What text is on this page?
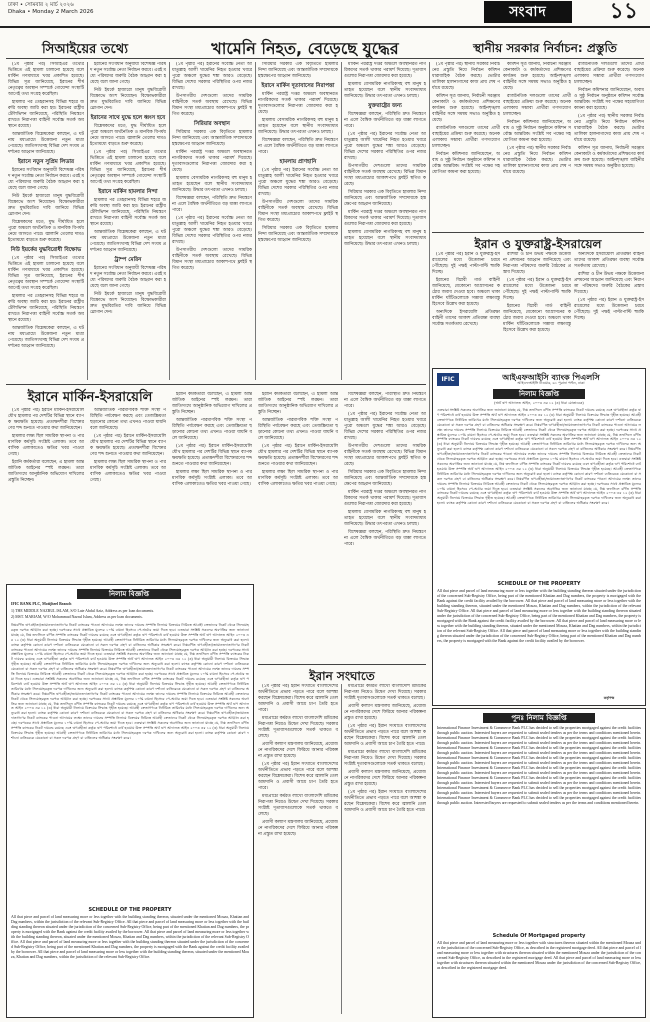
ঢাকা • সোমবার ২ মার্চ ২০২৬
Dhaka • Monday 2 March 2026	সংবাদ	১১
সিআইয়ের তথ্যে	খামেনি নিহত, বেড়েছে যুদ্ধের	স্থানীয় সরকার নির্বাচন: প্রস্তুতি

(১ম পৃষ্ঠার পর) সিআইএর তথ্যের ভিত্তিতে এই হামলা চালানো হয়েছে বলে মার্কিন গণমাধ্যমে খবর প্রকাশিত হয়েছে। বিভিন্ন সূত্র জানিয়েছে, ইরানের শীর্ষ নেতৃত্বের অবস্থান সম্পর্কে গোয়েন্দা সংস্থাটি আগেই তথ্য সংগ্রহ করেছিল।

হামলার পর তেহরানসহ বিভিন্ন শহরে জরুরি অবস্থা জারি করা হয়। ইরানের রাষ্ট্রীয় টেলিভিশন জানিয়েছে, পরিস্থিতি নিয়ন্ত্রণে রাখতে নিরাপত্তা বাহিনী সর্বোচ্চ সতর্ক অবস্থানে রয়েছে।

আন্তর্জাতিক বিশ্লেষকেরা বলছেন, এ ঘটনায় মধ্যপ্রাচ্যে উত্তেজনা নতুন মাত্রা পেয়েছে। জাতিসংঘসহ বিভিন্ন দেশ সংযম প্রদর্শনের আহ্বান জানিয়েছে।

ইরানে নতুন সুপ্রিম লিডার

ইরানের সংবিধান অনুযায়ী বিশেষজ্ঞ পরিষদ নতুন সর্বোচ্চ নেতা নির্বাচন করবে। এরই মধ্যে পরিষদের জরুরি বৈঠক আহ্বান করা হয়েছে বলে জানা গেছে।

নিউ ইয়র্কে হাজারো মানুষ যুদ্ধবিরোধী বিক্ষোভে অংশ নিয়েছেন। বিক্ষোভকারীরা দ্রুত যুদ্ধবিরতির দাবি জানিয়ে বিভিন্ন স্লোগান দেন।

বিশ্লেষকদের মতে, যুদ্ধ দীর্ঘায়িত হলে পুরো অঞ্চলে অর্থনৈতিক ও মানবিক বিপর্যয় নেমে আসতে পারে। জ্বালানি তেলের দামও ইতোমধ্যে বাড়তে শুরু করেছে।

নিউ ইয়র্কের যুদ্ধবিরোধী বিক্ষোভ

(১ম পৃষ্ঠার পর) সিআইএর তথ্যের ভিত্তিতে এই হামলা চালানো হয়েছে বলে মার্কিন গণমাধ্যমে খবর প্রকাশিত হয়েছে। বিভিন্ন সূত্র জানিয়েছে, ইরানের শীর্ষ নেতৃত্বের অবস্থান সম্পর্কে গোয়েন্দা সংস্থাটি আগেই তথ্য সংগ্রহ করেছিল।

হামলার পর তেহরানসহ বিভিন্ন শহরে জরুরি অবস্থা জারি করা হয়। ইরানের রাষ্ট্রীয় টেলিভিশন জানিয়েছে, পরিস্থিতি নিয়ন্ত্রণে রাখতে নিরাপত্তা বাহিনী সর্বোচ্চ সতর্ক অবস্থানে রয়েছে।

আন্তর্জাতিক বিশ্লেষকেরা বলছেন, এ ঘটনায় মধ্যপ্রাচ্যে উত্তেজনা নতুন মাত্রা পেয়েছে। জাতিসংঘসহ বিভিন্ন দেশ সংযম প্রদর্শনের আহ্বান জানিয়েছে।

ইরানের সংবিধান অনুযায়ী বিশেষজ্ঞ পরিষদ নতুন সর্বোচ্চ নেতা নির্বাচন করবে। এরই মধ্যে পরিষদের জরুরি বৈঠক আহ্বান করা হয়েছে বলে জানা গেছে।

নিউ ইয়র্কে হাজারো মানুষ যুদ্ধবিরোধী বিক্ষোভে অংশ নিয়েছেন। বিক্ষোভকারীরা দ্রুত যুদ্ধবিরতির দাবি জানিয়ে বিভিন্ন স্লোগান দেন।

ইরানের সাথে যুদ্ধে হলে ধ্বংস হবে

বিশ্লেষকদের মতে, যুদ্ধ দীর্ঘায়িত হলে পুরো অঞ্চলে অর্থনৈতিক ও মানবিক বিপর্যয় নেমে আসতে পারে। জ্বালানি তেলের দামও ইতোমধ্যে বাড়তে শুরু করেছে।

(১ম পৃষ্ঠার পর) সিআইএর তথ্যের ভিত্তিতে এই হামলা চালানো হয়েছে বলে মার্কিন গণমাধ্যমে খবর প্রকাশিত হয়েছে। বিভিন্ন সূত্র জানিয়েছে, ইরানের শীর্ষ নেতৃত্বের অবস্থান সম্পর্কে গোয়েন্দা সংস্থাটি আগেই তথ্য সংগ্রহ করেছিল।

ইরানে মার্কিন হামলার নিন্দা

হামলার পর তেহরানসহ বিভিন্ন শহরে জরুরি অবস্থা জারি করা হয়। ইরানের রাষ্ট্রীয় টেলিভিশন জানিয়েছে, পরিস্থিতি নিয়ন্ত্রণে রাখতে নিরাপত্তা বাহিনী সর্বোচ্চ সতর্ক অবস্থানে রয়েছে।

আন্তর্জাতিক বিশ্লেষকেরা বলছেন, এ ঘটনায় মধ্যপ্রাচ্যে উত্তেজনা নতুন মাত্রা পেয়েছে। জাতিসংঘসহ বিভিন্ন দেশ সংযম প্রদর্শনের আহ্বান জানিয়েছে।

ট্রাম্প মেরিন

ইরানের সংবিধান অনুযায়ী বিশেষজ্ঞ পরিষদ নতুন সর্বোচ্চ নেতা নির্বাচন করবে। এরই মধ্যে পরিষদের জরুরি বৈঠক আহ্বান করা হয়েছে বলে জানা গেছে।

নিউ ইয়র্কে হাজারো মানুষ যুদ্ধবিরোধী বিক্ষোভে অংশ নিয়েছেন। বিক্ষোভকারীরা দ্রুত যুদ্ধবিরতির দাবি জানিয়ে বিভিন্ন স্লোগান দেন।

(১ম পৃষ্ঠার পর) ইরানের সর্বোচ্চ নেতা আয়াতুল্লাহ আলী খামেনির নিহত হওয়ার খবরে পুরো অঞ্চলে যুদ্ধের শঙ্কা আরও বেড়েছে। বিভিন্ন দেশের সরকার পরিস্থিতির ওপর নজর রাখছে।

উপসাগরীয় দেশগুলো তাদের সামরিক বাহিনীকে সতর্ক অবস্থায় রেখেছে। বিভিন্ন বিমান সংস্থা মধ্যপ্রাচ্যের আকাশপথে ফ্লাইট স্থগিত করেছে।

সিরিয়ার অবস্থান

সিরিয়ার সরকার এক বিবৃতিতে হামলার নিন্দা জানিয়েছে এবং আন্তর্জাতিক সম্প্রদায়কে হস্তক্ষেপের আহ্বান জানিয়েছে।

মার্কিন পররাষ্ট্র দপ্তর অঞ্চলে অবস্থানরত নাগরিকদের সতর্ক থাকার পরামর্শ দিয়েছে। দূতাবাসগুলোর নিরাপত্তা জোরদার করা হয়েছে।

হামলায় বেসামরিক নাগরিকসহ বহু মানুষ হতাহত হয়েছেন বলে স্থানীয় সংবাদমাধ্যম জানিয়েছে। উদ্ধার তৎপরতা এখনও চলছে।

বিশেষজ্ঞরা বলছেন, পরিস্থিতি দ্রুত নিয়ন্ত্রণে না এলে বৈশ্বিক অর্থনীতিতে বড় ধাক্কা লাগতে পারে।

(১ম পৃষ্ঠার পর) ইরানের সর্বোচ্চ নেতা আয়াতুল্লাহ আলী খামেনির নিহত হওয়ার খবরে পুরো অঞ্চলে যুদ্ধের শঙ্কা আরও বেড়েছে। বিভিন্ন দেশের সরকার পরিস্থিতির ওপর নজর রাখছে।

উপসাগরীয় দেশগুলো তাদের সামরিক বাহিনীকে সতর্ক অবস্থায় রেখেছে। বিভিন্ন বিমান সংস্থা মধ্যপ্রাচ্যের আকাশপথে ফ্লাইট স্থগিত করেছে।

সিরিয়ার সরকার এক বিবৃতিতে হামলার নিন্দা জানিয়েছে এবং আন্তর্জাতিক সম্প্রদায়কে হস্তক্ষেপের আহ্বান জানিয়েছে।

ইরানে মার্কিন দূতাবাসের নিরাপত্তা

মার্কিন পররাষ্ট্র দপ্তর অঞ্চলে অবস্থানরত নাগরিকদের সতর্ক থাকার পরামর্শ দিয়েছে। দূতাবাসগুলোর নিরাপত্তা জোরদার করা হয়েছে।

হামলায় বেসামরিক নাগরিকসহ বহু মানুষ হতাহত হয়েছেন বলে স্থানীয় সংবাদমাধ্যম জানিয়েছে। উদ্ধার তৎপরতা এখনও চলছে।

বিশেষজ্ঞরা বলছেন, পরিস্থিতি দ্রুত নিয়ন্ত্রণে না এলে বৈশ্বিক অর্থনীতিতে বড় ধাক্কা লাগতে পারে।

হামলায় প্রাণহানি

(১ম পৃষ্ঠার পর) ইরানের সর্বোচ্চ নেতা আয়াতুল্লাহ আলী খামেনির নিহত হওয়ার খবরে পুরো অঞ্চলে যুদ্ধের শঙ্কা আরও বেড়েছে। বিভিন্ন দেশের সরকার পরিস্থিতির ওপর নজর রাখছে।

উপসাগরীয় দেশগুলো তাদের সামরিক বাহিনীকে সতর্ক অবস্থায় রেখেছে। বিভিন্ন বিমান সংস্থা মধ্যপ্রাচ্যের আকাশপথে ফ্লাইট স্থগিত করেছে।

সিরিয়ার সরকার এক বিবৃতিতে হামলার নিন্দা জানিয়েছে এবং আন্তর্জাতিক সম্প্রদায়কে হস্তক্ষেপের আহ্বান জানিয়েছে।

মার্কিন পররাষ্ট্র দপ্তর অঞ্চলে অবস্থানরত নাগরিকদের সতর্ক থাকার পরামর্শ দিয়েছে। দূতাবাসগুলোর নিরাপত্তা জোরদার করা হয়েছে।

হামলায় বেসামরিক নাগরিকসহ বহু মানুষ হতাহত হয়েছেন বলে স্থানীয় সংবাদমাধ্যম জানিয়েছে। উদ্ধার তৎপরতা এখনও চলছে।

যুক্তরাষ্ট্রের জন্য

বিশেষজ্ঞরা বলছেন, পরিস্থিতি দ্রুত নিয়ন্ত্রণে না এলে বৈশ্বিক অর্থনীতিতে বড় ধাক্কা লাগতে পারে।

(১ম পৃষ্ঠার পর) ইরানের সর্বোচ্চ নেতা আয়াতুল্লাহ আলী খামেনির নিহত হওয়ার খবরে পুরো অঞ্চলে যুদ্ধের শঙ্কা আরও বেড়েছে। বিভিন্ন দেশের সরকার পরিস্থিতির ওপর নজর রাখছে।

উপসাগরীয় দেশগুলো তাদের সামরিক বাহিনীকে সতর্ক অবস্থায় রেখেছে। বিভিন্ন বিমান সংস্থা মধ্যপ্রাচ্যের আকাশপথে ফ্লাইট স্থগিত করেছে।

সিরিয়ার সরকার এক বিবৃতিতে হামলার নিন্দা জানিয়েছে এবং আন্তর্জাতিক সম্প্রদায়কে হস্তক্ষেপের আহ্বান জানিয়েছে।

মার্কিন পররাষ্ট্র দপ্তর অঞ্চলে অবস্থানরত নাগরিকদের সতর্ক থাকার পরামর্শ দিয়েছে। দূতাবাসগুলোর নিরাপত্তা জোরদার করা হয়েছে।

হামলায় বেসামরিক নাগরিকসহ বহু মানুষ হতাহত হয়েছেন বলে স্থানীয় সংবাদমাধ্যম জানিয়েছে। উদ্ধার তৎপরতা এখনও চলছে।

(১ম পৃষ্ঠার পর) স্থানীয় সরকার নির্বাচনের প্রস্তুতি নিয়ে নির্বাচন কমিশন ধারাবাহিক বৈঠক করছে। ভোটার তালিকা হালনাগাদের কাজ প্রায় শেষ পর্যায়ে রয়েছে।

কমিশন সূত্র জানায়, নির্বাচনী সরঞ্জাম কেনাকাটা ও কর্মকর্তাদের প্রশিক্ষণের কার্যক্রম শুরু হয়েছে। আইনশৃঙ্খলা বাহিনীর সঙ্গে সমন্বয় সভাও অনুষ্ঠিত হয়েছে।

রাজনৈতিক দলগুলো তাদের প্রার্থী বাছাইয়ের প্রক্রিয়া শুরু করেছে। অনেক এলাকায় সম্ভাব্য প্রার্থীরা গণসংযোগ চালাচ্ছেন।

নির্বাচন কমিশনার জানিয়েছেন, অবাধ ও সুষ্ঠু নির্বাচন অনুষ্ঠানে কমিশন সর্বোচ্চ আন্তরিক। সংশ্লিষ্ট সব পক্ষের সহযোগিতা কামনা করা হয়েছে।

কমিশন সূত্র জানায়, নির্বাচনী সরঞ্জাম কেনাকাটা ও কর্মকর্তাদের প্রশিক্ষণের কার্যক্রম শুরু হয়েছে। আইনশৃঙ্খলা বাহিনীর সঙ্গে সমন্বয় সভাও অনুষ্ঠিত হয়েছে।

রাজনৈতিক দলগুলো তাদের প্রার্থী বাছাইয়ের প্রক্রিয়া শুরু করেছে। অনেক এলাকায় সম্ভাব্য প্রার্থীরা গণসংযোগ চালাচ্ছেন।

নির্বাচন কমিশনার জানিয়েছেন, অবাধ ও সুষ্ঠু নির্বাচন অনুষ্ঠানে কমিশন সর্বোচ্চ আন্তরিক। সংশ্লিষ্ট সব পক্ষের সহযোগিতা কামনা করা হয়েছে।

(১ম পৃষ্ঠার পর) স্থানীয় সরকার নির্বাচনের প্রস্তুতি নিয়ে নির্বাচন কমিশন ধারাবাহিক বৈঠক করছে। ভোটার তালিকা হালনাগাদের কাজ প্রায় শেষ পর্যায়ে রয়েছে।

রাজনৈতিক দলগুলো তাদের প্রার্থী বাছাইয়ের প্রক্রিয়া শুরু করেছে। অনেক এলাকায় সম্ভাব্য প্রার্থীরা গণসংযোগ চালাচ্ছেন।

নির্বাচন কমিশনার জানিয়েছেন, অবাধ ও সুষ্ঠু নির্বাচন অনুষ্ঠানে কমিশন সর্বোচ্চ আন্তরিক। সংশ্লিষ্ট সব পক্ষের সহযোগিতা কামনা করা হয়েছে।

(১ম পৃষ্ঠার পর) স্থানীয় সরকার নির্বাচনের প্রস্তুতি নিয়ে নির্বাচন কমিশন ধারাবাহিক বৈঠক করছে। ভোটার তালিকা হালনাগাদের কাজ প্রায় শেষ পর্যায়ে রয়েছে।

কমিশন সূত্র জানায়, নির্বাচনী সরঞ্জাম কেনাকাটা ও কর্মকর্তাদের প্রশিক্ষণের কার্যক্রম শুরু হয়েছে। আইনশৃঙ্খলা বাহিনীর সঙ্গে সমন্বয় সভাও অনুষ্ঠিত হয়েছে।

ইরান ও যুক্তরাষ্ট্র-ইসরায়েল

(১ম পৃষ্ঠার পর) ইরান ও যুক্তরাষ্ট্র-ইসরায়েলের মধ্যে উত্তেজনা চরমে পৌঁছেছে। দুই পক্ষই পাল্টাপাল্টি হুমকি দিচ্ছে।

ইরানের বিপ্লবী গার্ড বাহিনী জানিয়েছে, যেকোনো আগ্রাসনের কঠোর জবাব দেওয়া হবে। অঞ্চলে থাকা মার্কিন ঘাঁটিগুলোকে সম্ভাব্য লক্ষ্যবস্তু হিসেবে উল্লেখ করা হয়েছে।

অন্যদিকে ইসরায়েলি প্রতিরক্ষা বাহিনী তাদের আকাশ প্রতিরক্ষা ব্যবস্থা সর্বোচ্চ সতর্কতায় রেখেছে।

রাশিয়া ও চীন উভয় পক্ষকে উত্তেজনা প্রশমনের আহ্বান জানিয়েছে এবং নিরাপত্তা পরিষদের জরুরি বৈঠকের প্রস্তাব দিয়েছে।

(১ম পৃষ্ঠার পর) ইরান ও যুক্তরাষ্ট্র-ইসরায়েলের মধ্যে উত্তেজনা চরমে পৌঁছেছে। দুই পক্ষই পাল্টাপাল্টি হুমকি দিচ্ছে।

ইরানের বিপ্লবী গার্ড বাহিনী জানিয়েছে, যেকোনো আগ্রাসনের কঠোর জবাব দেওয়া হবে। অঞ্চলে থাকা মার্কিন ঘাঁটিগুলোকে সম্ভাব্য লক্ষ্যবস্তু হিসেবে উল্লেখ করা হয়েছে।

অন্যদিকে ইসরায়েলি প্রতিরক্ষা বাহিনী তাদের আকাশ প্রতিরক্ষা ব্যবস্থা সর্বোচ্চ সতর্কতায় রেখেছে।

রাশিয়া ও চীন উভয় পক্ষকে উত্তেজনা প্রশমনের আহ্বান জানিয়েছে এবং নিরাপত্তা পরিষদের জরুরি বৈঠকের প্রস্তাব দিয়েছে।

(১ম পৃষ্ঠার পর) ইরান ও যুক্তরাষ্ট্র-ইসরায়েলের মধ্যে উত্তেজনা চরমে পৌঁছেছে। দুই পক্ষই পাল্টাপাল্টি হুমকি দিচ্ছে।

IFIC	আইএফআইসি ব্যাংক পিএলসি
আইএফআইসি টাওয়ার, ৬১ পুরানা পল্টন, ঢাকা
নিলাম বিজ্ঞপ্তি
(অর্থ ঋণ আদালত আইন, ২০০৩ এর ১২ (৩) ধারা মোতাবেক)
এতদ্বারা সংশ্লিষ্ট সকলের অবগতির জন্য জানানো যাচ্ছে যে, নিম্ন তফসিলে বর্ণিত সম্পত্তি ব্যাংকের নিকট দায়বদ্ধ রয়েছে এবং ঋণগ্রহীতা কর্তৃক ঋণ পরিশোধে ব্যর্থ হওয়ায় উক্ত সম্পত্তি অর্থ ঋণ আদালত আইন ২০০৩ এর ১২ (৩) ধারা অনুযায়ী নিলামে বিক্রয়ের সিদ্ধান্ত গৃহীত হয়েছে। আগ্রহী ক্রেতাগণকে নির্ধারিত তারিখের মধ্যে সিলমোহরকৃত দরপত্র দাখিলের জন্য অনুরোধ করা হলো। ব্যাংক কর্তৃপক্ষ কোনো কারণ দর্শানো ব্যতিরেকে যেকোনো বা সকল দরপত্র গ্রহণ বা বাতিলের অধিকার সংরক্ষণ করে। নিম্নবর্ণিত ঋণগ্রহীতা/জামানতদাতাগণের নিকট ব্যাংকের পাওনা আদায়ের লক্ষ্যে তাদের দায়বদ্ধ সম্পত্তি নিলামে বিক্রয়ের নিমিত্তে আগ্রহী ক্রেতাদের নিকট থেকে সিলমোহরকৃত দরপত্র আহ্বান করা হচ্ছে। দরপত্রের সাথে প্রস্তাবিত মূল্যের ১০% বায়না হিসেবে পে-অর্ডার জমা দিতে হবে। এতদ্বারা সংশ্লিষ্ট সকলের অবগতির জন্য জানানো যাচ্ছে যে, নিম্ন তফসিলে বর্ণিত সম্পত্তি ব্যাংকের নিকট দায়বদ্ধ রয়েছে এবং ঋণগ্রহীতা কর্তৃক ঋণ পরিশোধে ব্যর্থ হওয়ায় উক্ত সম্পত্তি অর্থ ঋণ আদালত আইন ২০০৩ এর ১২ (৩) ধারা অনুযায়ী নিলামে বিক্রয়ের সিদ্ধান্ত গৃহীত হয়েছে। আগ্রহী ক্রেতাগণকে নির্ধারিত তারিখের মধ্যে সিলমোহরকৃত দরপত্র দাখিলের জন্য অনুরোধ করা হলো। ব্যাংক কর্তৃপক্ষ কোনো কারণ দর্শানো ব্যতিরেকে যেকোনো বা সকল দরপত্র গ্রহণ বা বাতিলের অধিকার সংরক্ষণ করে। নিম্নবর্ণিত ঋণগ্রহীতা/জামানতদাতাগণের নিকট ব্যাংকের পাওনা আদায়ের লক্ষ্যে তাদের দায়বদ্ধ সম্পত্তি নিলামে বিক্রয়ের নিমিত্তে আগ্রহী ক্রেতাদের নিকট থেকে সিলমোহরকৃত দরপত্র আহ্বান করা হচ্ছে। দরপত্রের সাথে প্রস্তাবিত মূল্যের ১০% বায়না হিসেবে পে-অর্ডার জমা দিতে হবে। এতদ্বারা সংশ্লিষ্ট সকলের অবগতির জন্য জানানো যাচ্ছে যে, নিম্ন তফসিলে বর্ণিত সম্পত্তি ব্যাংকের নিকট দায়বদ্ধ রয়েছে এবং ঋণগ্রহীতা কর্তৃক ঋণ পরিশোধে ব্যর্থ হওয়ায় উক্ত সম্পত্তি অর্থ ঋণ আদালত আইন ২০০৩ এর ১২ (৩) ধারা অনুযায়ী নিলামে বিক্রয়ের সিদ্ধান্ত গৃহীত হয়েছে। আগ্রহী ক্রেতাগণকে নির্ধারিত তারিখের মধ্যে সিলমোহরকৃত দরপত্র দাখিলের জন্য অনুরোধ করা হলো। ব্যাংক কর্তৃপক্ষ কোনো কারণ দর্শানো ব্যতিরেকে যেকোনো বা সকল দরপত্র গ্রহণ বা বাতিলের অধিকার সংরক্ষণ করে। নিম্নবর্ণিত ঋণগ্রহীতা/জামানতদাতাগণের নিকট ব্যাংকের পাওনা আদায়ের লক্ষ্যে তাদের দায়বদ্ধ সম্পত্তি নিলামে বিক্রয়ের নিমিত্তে আগ্রহী ক্রেতাদের নিকট থেকে সিলমোহরকৃত দরপত্র আহ্বান করা হচ্ছে। দরপত্রের সাথে প্রস্তাবিত মূল্যের ১০% বায়না হিসেবে পে-অর্ডার জমা দিতে হবে। এতদ্বারা সংশ্লিষ্ট সকলের অবগতির জন্য জানানো যাচ্ছে যে, নিম্ন তফসিলে বর্ণিত সম্পত্তি ব্যাংকের নিকট দায়বদ্ধ রয়েছে এবং ঋণগ্রহীতা কর্তৃক ঋণ পরিশোধে ব্যর্থ হওয়ায় উক্ত সম্পত্তি অর্থ ঋণ আদালত আইন ২০০৩ এর ১২ (৩) ধারা অনুযায়ী নিলামে বিক্রয়ের সিদ্ধান্ত গৃহীত হয়েছে। আগ্রহী ক্রেতাগণকে নির্ধারিত তারিখের মধ্যে সিলমোহরকৃত দরপত্র দাখিলের জন্য অনুরোধ করা হলো। ব্যাংক কর্তৃপক্ষ কোনো কারণ দর্শানো ব্যতিরেকে যেকোনো বা সকল দরপত্র গ্রহণ বা বাতিলের অধিকার সংরক্ষণ করে।
SCHEDULE OF THE PROPERTY
All that piece and parcel of land measuring more or less together with the building standing thereon situated under the jurisdiction of the concerned Sub-Registry Office, being part of the mentioned Khatian and Dag numbers, the property is mortgaged with the Bank against the credit facility availed by the borrower. All that piece and parcel of land measuring more or less together with the building standing thereon, situated under the mentioned Mouza, Khatian and Dag numbers, within the jurisdiction of the relevant Sub-Registry Office. All that piece and parcel of land measuring more or less together with the building standing thereon situated under the jurisdiction of the concerned Sub-Registry Office, being part of the mentioned Khatian and Dag numbers, the property is mortgaged with the Bank against the credit facility availed by the borrower. All that piece and parcel of land measuring more or less together with the building standing thereon, situated under the mentioned Mouza, Khatian and Dag numbers, within the jurisdiction of the relevant Sub-Registry Office. All that piece and parcel of land measuring more or less together with the building standing thereon situated under the jurisdiction of the concerned Sub-Registry Office, being part of the mentioned Khatian and Dag numbers, the property is mortgaged with the Bank against the credit facility availed by the borrower.
কর্তৃপক্ষ
ইরানে মার্কিন-ইসরায়েলি

(১ম পৃষ্ঠার পর) ইরানে মার্কিন-ইসরায়েলি যৌথ হামলার পর দেশটির বিভিন্ন স্থানে ব্যাপক ক্ষয়ক্ষতি হয়েছে। প্রত্যক্ষদর্শীরা বিস্ফোরণের শব্দ শুনতে পাওয়ার কথা জানিয়েছেন।

হামলার লক্ষ্য ছিল সামরিক স্থাপনা ও পারমাণবিক কর্মসূচি সংশ্লিষ্ট এলাকা। তবে আবাসিক এলাকাতেও ক্ষতির খবর পাওয়া গেছে।

ইরানি কর্মকর্তারা বলেছেন, এ হামলা আন্তর্জাতিক আইনের স্পষ্ট লঙ্ঘন। তারা জাতিসংঘে আনুষ্ঠানিক অভিযোগ দাখিলের প্রস্তুতি নিচ্ছেন।

আন্তর্জাতিক পারমাণবিক শক্তি সংস্থা পরিস্থিতি পর্যবেক্ষণ করছে এবং তেজস্ক্রিয়তা ছড়ানোর কোনো তথ্য এখনও পাওয়া যায়নি বলে জানিয়েছে।

(১ম পৃষ্ঠার পর) ইরানে মার্কিন-ইসরায়েলি যৌথ হামলার পর দেশটির বিভিন্ন স্থানে ব্যাপক ক্ষয়ক্ষতি হয়েছে। প্রত্যক্ষদর্শীরা বিস্ফোরণের শব্দ শুনতে পাওয়ার কথা জানিয়েছেন।

হামলার লক্ষ্য ছিল সামরিক স্থাপনা ও পারমাণবিক কর্মসূচি সংশ্লিষ্ট এলাকা। তবে আবাসিক এলাকাতেও ক্ষতির খবর পাওয়া গেছে।

ইরানি কর্মকর্তারা বলেছেন, এ হামলা আন্তর্জাতিক আইনের স্পষ্ট লঙ্ঘন। তারা জাতিসংঘে আনুষ্ঠানিক অভিযোগ দাখিলের প্রস্তুতি নিচ্ছেন।

আন্তর্জাতিক পারমাণবিক শক্তি সংস্থা পরিস্থিতি পর্যবেক্ষণ করছে এবং তেজস্ক্রিয়তা ছড়ানোর কোনো তথ্য এখনও পাওয়া যায়নি বলে জানিয়েছে।

(১ম পৃষ্ঠার পর) ইরানে মার্কিন-ইসরায়েলি যৌথ হামলার পর দেশটির বিভিন্ন স্থানে ব্যাপক ক্ষয়ক্ষতি হয়েছে। প্রত্যক্ষদর্শীরা বিস্ফোরণের শব্দ শুনতে পাওয়ার কথা জানিয়েছেন।

হামলার লক্ষ্য ছিল সামরিক স্থাপনা ও পারমাণবিক কর্মসূচি সংশ্লিষ্ট এলাকা। তবে আবাসিক এলাকাতেও ক্ষতির খবর পাওয়া গেছে।

ইরানি কর্মকর্তারা বলেছেন, এ হামলা আন্তর্জাতিক আইনের স্পষ্ট লঙ্ঘন। তারা জাতিসংঘে আনুষ্ঠানিক অভিযোগ দাখিলের প্রস্তুতি নিচ্ছেন।

আন্তর্জাতিক পারমাণবিক শক্তি সংস্থা পরিস্থিতি পর্যবেক্ষণ করছে এবং তেজস্ক্রিয়তা ছড়ানোর কোনো তথ্য এখনও পাওয়া যায়নি বলে জানিয়েছে।

(১ম পৃষ্ঠার পর) ইরানে মার্কিন-ইসরায়েলি যৌথ হামলার পর দেশটির বিভিন্ন স্থানে ব্যাপক ক্ষয়ক্ষতি হয়েছে। প্রত্যক্ষদর্শীরা বিস্ফোরণের শব্দ শুনতে পাওয়ার কথা জানিয়েছেন।

হামলার লক্ষ্য ছিল সামরিক স্থাপনা ও পারমাণবিক কর্মসূচি সংশ্লিষ্ট এলাকা। তবে আবাসিক এলাকাতেও ক্ষতির খবর পাওয়া গেছে।

বিশেষজ্ঞরা বলছেন, পরিস্থিতি দ্রুত নিয়ন্ত্রণে না এলে বৈশ্বিক অর্থনীতিতে বড় ধাক্কা লাগতে পারে।

(১ম পৃষ্ঠার পর) ইরানের সর্বোচ্চ নেতা আয়াতুল্লাহ আলী খামেনির নিহত হওয়ার খবরে পুরো অঞ্চলে যুদ্ধের শঙ্কা আরও বেড়েছে। বিভিন্ন দেশের সরকার পরিস্থিতির ওপর নজর রাখছে।

উপসাগরীয় দেশগুলো তাদের সামরিক বাহিনীকে সতর্ক অবস্থায় রেখেছে। বিভিন্ন বিমান সংস্থা মধ্যপ্রাচ্যের আকাশপথে ফ্লাইট স্থগিত করেছে।

সিরিয়ার সরকার এক বিবৃতিতে হামলার নিন্দা জানিয়েছে এবং আন্তর্জাতিক সম্প্রদায়কে হস্তক্ষেপের আহ্বান জানিয়েছে।

মার্কিন পররাষ্ট্র দপ্তর অঞ্চলে অবস্থানরত নাগরিকদের সতর্ক থাকার পরামর্শ দিয়েছে। দূতাবাসগুলোর নিরাপত্তা জোরদার করা হয়েছে।

হামলায় বেসামরিক নাগরিকসহ বহু মানুষ হতাহত হয়েছেন বলে স্থানীয় সংবাদমাধ্যম জানিয়েছে। উদ্ধার তৎপরতা এখনও চলছে।

বিশেষজ্ঞরা বলছেন, পরিস্থিতি দ্রুত নিয়ন্ত্রণে না এলে বৈশ্বিক অর্থনীতিতে বড় ধাক্কা লাগতে পারে।

ইরান সংঘাতে

(১ম পৃষ্ঠার পর) ইরান সংঘাতে বাংলাদেশের অর্থনীতিতে প্রভাব পড়তে পারে বলে আশঙ্কা করছেন বিশ্লেষকেরা। বিশেষ করে জ্বালানি তেল আমদানি ও প্রবাসী আয়ে চাপ তৈরি হতে পারে।

মধ্যপ্রাচ্যে কর্মরত লাখো বাংলাদেশি শ্রমিকের নিরাপত্তা নিয়েও উদ্বেগ দেখা দিয়েছে। সরকার সংশ্লিষ্ট দূতাবাসগুলোকে সতর্ক থাকতে বলেছে।

প্রবাসী কল্যাণ মন্ত্রণালয় জানিয়েছে, প্রয়োজনে নাগরিকদের দেশে ফিরিয়ে আনার পরিকল্পনা প্রস্তুত রাখা হয়েছে।

(১ম পৃষ্ঠার পর) ইরান সংঘাতে বাংলাদেশের অর্থনীতিতে প্রভাব পড়তে পারে বলে আশঙ্কা করছেন বিশ্লেষকেরা। বিশেষ করে জ্বালানি তেল আমদানি ও প্রবাসী আয়ে চাপ তৈরি হতে পারে।

মধ্যপ্রাচ্যে কর্মরত লাখো বাংলাদেশি শ্রমিকের নিরাপত্তা নিয়েও উদ্বেগ দেখা দিয়েছে। সরকার সংশ্লিষ্ট দূতাবাসগুলোকে সতর্ক থাকতে বলেছে।

প্রবাসী কল্যাণ মন্ত্রণালয় জানিয়েছে, প্রয়োজনে নাগরিকদের দেশে ফিরিয়ে আনার পরিকল্পনা প্রস্তুত রাখা হয়েছে।

মধ্যপ্রাচ্যে কর্মরত লাখো বাংলাদেশি শ্রমিকের নিরাপত্তা নিয়েও উদ্বেগ দেখা দিয়েছে। সরকার সংশ্লিষ্ট দূতাবাসগুলোকে সতর্ক থাকতে বলেছে।

প্রবাসী কল্যাণ মন্ত্রণালয় জানিয়েছে, প্রয়োজনে নাগরিকদের দেশে ফিরিয়ে আনার পরিকল্পনা প্রস্তুত রাখা হয়েছে।

(১ম পৃষ্ঠার পর) ইরান সংঘাতে বাংলাদেশের অর্থনীতিতে প্রভাব পড়তে পারে বলে আশঙ্কা করছেন বিশ্লেষকেরা। বিশেষ করে জ্বালানি তেল আমদানি ও প্রবাসী আয়ে চাপ তৈরি হতে পারে।

মধ্যপ্রাচ্যে কর্মরত লাখো বাংলাদেশি শ্রমিকের নিরাপত্তা নিয়েও উদ্বেগ দেখা দিয়েছে। সরকার সংশ্লিষ্ট দূতাবাসগুলোকে সতর্ক থাকতে বলেছে।

প্রবাসী কল্যাণ মন্ত্রণালয় জানিয়েছে, প্রয়োজনে নাগরিকদের দেশে ফিরিয়ে আনার পরিকল্পনা প্রস্তুত রাখা হয়েছে।

(১ম পৃষ্ঠার পর) ইরান সংঘাতে বাংলাদেশের অর্থনীতিতে প্রভাব পড়তে পারে বলে আশঙ্কা করছেন বিশ্লেষকেরা। বিশেষ করে জ্বালানি তেল আমদানি ও প্রবাসী আয়ে চাপ তৈরি হতে পারে।

নিলাম বিজ্ঞপ্তি
IFIC BANK PLC, Motijheel Branch
1) THE MIDDLE NAZRUL ISLAM, S/O Late Abdul Aziz, Address as per loan documents.
2) MST. MARIAM, W/O Mohammad Nazrul Islam, Address as per loan documents.
নিম্নবর্ণিত ঋণগ্রহীতা/জামানতদাতাগণের নিকট ব্যাংকের পাওনা আদায়ের লক্ষ্যে তাদের দায়বদ্ধ সম্পত্তি নিলামে বিক্রয়ের নিমিত্তে আগ্রহী ক্রেতাদের নিকট থেকে সিলমোহরকৃত দরপত্র আহ্বান করা হচ্ছে। দরপত্রের সাথে প্রস্তাবিত মূল্যের ১০% বায়না হিসেবে পে-অর্ডার জমা দিতে হবে। এতদ্বারা সংশ্লিষ্ট সকলের অবগতির জন্য জানানো যাচ্ছে যে, নিম্ন তফসিলে বর্ণিত সম্পত্তি ব্যাংকের নিকট দায়বদ্ধ রয়েছে এবং ঋণগ্রহীতা কর্তৃক ঋণ পরিশোধে ব্যর্থ হওয়ায় উক্ত সম্পত্তি অর্থ ঋণ আদালত আইন ২০০৩ এর ১২ (৩) ধারা অনুযায়ী নিলামে বিক্রয়ের সিদ্ধান্ত গৃহীত হয়েছে। আগ্রহী ক্রেতাগণকে নির্ধারিত তারিখের মধ্যে সিলমোহরকৃত দরপত্র দাখিলের জন্য অনুরোধ করা হলো। ব্যাংক কর্তৃপক্ষ কোনো কারণ দর্শানো ব্যতিরেকে যেকোনো বা সকল দরপত্র গ্রহণ বা বাতিলের অধিকার সংরক্ষণ করে। নিম্নবর্ণিত ঋণগ্রহীতা/জামানতদাতাগণের নিকট ব্যাংকের পাওনা আদায়ের লক্ষ্যে তাদের দায়বদ্ধ সম্পত্তি নিলামে বিক্রয়ের নিমিত্তে আগ্রহী ক্রেতাদের নিকট থেকে সিলমোহরকৃত দরপত্র আহ্বান করা হচ্ছে। দরপত্রের সাথে প্রস্তাবিত মূল্যের ১০% বায়না হিসেবে পে-অর্ডার জমা দিতে হবে। এতদ্বারা সংশ্লিষ্ট সকলের অবগতির জন্য জানানো যাচ্ছে যে, নিম্ন তফসিলে বর্ণিত সম্পত্তি ব্যাংকের নিকট দায়বদ্ধ রয়েছে এবং ঋণগ্রহীতা কর্তৃক ঋণ পরিশোধে ব্যর্থ হওয়ায় উক্ত সম্পত্তি অর্থ ঋণ আদালত আইন ২০০৩ এর ১২ (৩) ধারা অনুযায়ী নিলামে বিক্রয়ের সিদ্ধান্ত গৃহীত হয়েছে। আগ্রহী ক্রেতাগণকে নির্ধারিত তারিখের মধ্যে সিলমোহরকৃত দরপত্র দাখিলের জন্য অনুরোধ করা হলো। ব্যাংক কর্তৃপক্ষ কোনো কারণ দর্শানো ব্যতিরেকে যেকোনো বা সকল দরপত্র গ্রহণ বা বাতিলের অধিকার সংরক্ষণ করে। নিম্নবর্ণিত ঋণগ্রহীতা/জামানতদাতাগণের নিকট ব্যাংকের পাওনা আদায়ের লক্ষ্যে তাদের দায়বদ্ধ সম্পত্তি নিলামে বিক্রয়ের নিমিত্তে আগ্রহী ক্রেতাদের নিকট থেকে সিলমোহরকৃত দরপত্র আহ্বান করা হচ্ছে। দরপত্রের সাথে প্রস্তাবিত মূল্যের ১০% বায়না হিসেবে পে-অর্ডার জমা দিতে হবে। এতদ্বারা সংশ্লিষ্ট সকলের অবগতির জন্য জানানো যাচ্ছে যে, নিম্ন তফসিলে বর্ণিত সম্পত্তি ব্যাংকের নিকট দায়বদ্ধ রয়েছে এবং ঋণগ্রহীতা কর্তৃক ঋণ পরিশোধে ব্যর্থ হওয়ায় উক্ত সম্পত্তি অর্থ ঋণ আদালত আইন ২০০৩ এর ১২ (৩) ধারা অনুযায়ী নিলামে বিক্রয়ের সিদ্ধান্ত গৃহীত হয়েছে। আগ্রহী ক্রেতাগণকে নির্ধারিত তারিখের মধ্যে সিলমোহরকৃত দরপত্র দাখিলের জন্য অনুরোধ করা হলো। ব্যাংক কর্তৃপক্ষ কোনো কারণ দর্শানো ব্যতিরেকে যেকোনো বা সকল দরপত্র গ্রহণ বা বাতিলের অধিকার সংরক্ষণ করে। নিম্নবর্ণিত ঋণগ্রহীতা/জামানতদাতাগণের নিকট ব্যাংকের পাওনা আদায়ের লক্ষ্যে তাদের দায়বদ্ধ সম্পত্তি নিলামে বিক্রয়ের নিমিত্তে আগ্রহী ক্রেতাদের নিকট থেকে সিলমোহরকৃত দরপত্র আহ্বান করা হচ্ছে। দরপত্রের সাথে প্রস্তাবিত মূল্যের ১০% বায়না হিসেবে পে-অর্ডার জমা দিতে হবে। এতদ্বারা সংশ্লিষ্ট সকলের অবগতির জন্য জানানো যাচ্ছে যে, নিম্ন তফসিলে বর্ণিত সম্পত্তি ব্যাংকের নিকট দায়বদ্ধ রয়েছে এবং ঋণগ্রহীতা কর্তৃক ঋণ পরিশোধে ব্যর্থ হওয়ায় উক্ত সম্পত্তি অর্থ ঋণ আদালত আইন ২০০৩ এর ১২ (৩) ধারা অনুযায়ী নিলামে বিক্রয়ের সিদ্ধান্ত গৃহীত হয়েছে। আগ্রহী ক্রেতাগণকে নির্ধারিত তারিখের মধ্যে সিলমোহরকৃত দরপত্র দাখিলের জন্য অনুরোধ করা হলো। ব্যাংক কর্তৃপক্ষ কোনো কারণ দর্শানো ব্যতিরেকে যেকোনো বা সকল দরপত্র গ্রহণ বা বাতিলের অধিকার সংরক্ষণ করে। নিম্নবর্ণিত ঋণগ্রহীতা/জামানতদাতাগণের নিকট ব্যাংকের পাওনা আদায়ের লক্ষ্যে তাদের দায়বদ্ধ সম্পত্তি নিলামে বিক্রয়ের নিমিত্তে আগ্রহী ক্রেতাদের নিকট থেকে সিলমোহরকৃত দরপত্র আহ্বান করা হচ্ছে। দরপত্রের সাথে প্রস্তাবিত মূল্যের ১০% বায়না হিসেবে পে-অর্ডার জমা দিতে হবে। এতদ্বারা সংশ্লিষ্ট সকলের অবগতির জন্য জানানো যাচ্ছে যে, নিম্ন তফসিলে বর্ণিত সম্পত্তি ব্যাংকের নিকট দায়বদ্ধ রয়েছে এবং ঋণগ্রহীতা কর্তৃক ঋণ পরিশোধে ব্যর্থ হওয়ায় উক্ত সম্পত্তি অর্থ ঋণ আদালত আইন ২০০৩ এর ১২ (৩) ধারা অনুযায়ী নিলামে বিক্রয়ের সিদ্ধান্ত গৃহীত হয়েছে। আগ্রহী ক্রেতাগণকে নির্ধারিত তারিখের মধ্যে সিলমোহরকৃত দরপত্র দাখিলের জন্য অনুরোধ করা হলো। ব্যাংক কর্তৃপক্ষ কোনো কারণ দর্শানো ব্যতিরেকে যেকোনো বা সকল দরপত্র গ্রহণ বা বাতিলের অধিকার সংরক্ষণ করে।
SCHEDULE OF THE PROPERTY
All that piece and parcel of land measuring more or less together with the building standing thereon, situated under the mentioned Mouza, Khatian and Dag numbers, within the jurisdiction of the relevant Sub-Registry Office. All that piece and parcel of land measuring more or less together with the building standing thereon situated under the jurisdiction of the concerned Sub-Registry Office, being part of the mentioned Khatian and Dag numbers, the property is mortgaged with the Bank against the credit facility availed by the borrower. All that piece and parcel of land measuring more or less together with the building standing thereon, situated under the mentioned Mouza, Khatian and Dag numbers, within the jurisdiction of the relevant Sub-Registry Office. All that piece and parcel of land measuring more or less together with the building standing thereon situated under the jurisdiction of the concerned Sub-Registry Office, being part of the mentioned Khatian and Dag numbers, the property is mortgaged with the Bank against the credit facility availed by the borrower. All that piece and parcel of land measuring more or less together with the building standing thereon, situated under the mentioned Mouza, Khatian and Dag numbers, within the jurisdiction of the relevant Sub-Registry Office.
পুনঃ নিলাম বিজ্ঞপ্তি
International Finance Investment & Commerce Bank PLC has decided to sell the properties mortgaged against the credit facilities through public auction. Interested buyers are requested to submit sealed tenders as per the terms and conditions mentioned herein. International Finance Investment & Commerce Bank PLC has decided to sell the properties mortgaged against the credit facilities through public auction. Interested buyers are requested to submit sealed tenders as per the terms and conditions mentioned herein. International Finance Investment & Commerce Bank PLC has decided to sell the properties mortgaged against the credit facilities through public auction. Interested buyers are requested to submit sealed tenders as per the terms and conditions mentioned herein. International Finance Investment & Commerce Bank PLC has decided to sell the properties mortgaged against the credit facilities through public auction. Interested buyers are requested to submit sealed tenders as per the terms and conditions mentioned herein. International Finance Investment & Commerce Bank PLC has decided to sell the properties mortgaged against the credit facilities through public auction. Interested buyers are requested to submit sealed tenders as per the terms and conditions mentioned herein. International Finance Investment & Commerce Bank PLC has decided to sell the properties mortgaged against the credit facilities through public auction. Interested buyers are requested to submit sealed tenders as per the terms and conditions mentioned herein. International Finance Investment & Commerce Bank PLC has decided to sell the properties mortgaged against the credit facilities through public auction. Interested buyers are requested to submit sealed tenders as per the terms and conditions mentioned herein. International Finance Investment & Commerce Bank PLC has decided to sell the properties mortgaged against the credit facilities through public auction. Interested buyers are requested to submit sealed tenders as per the terms and conditions mentioned herein.
Schedule Of Mortgaged property
All that piece and parcel of land measuring more or less together with structures thereon situated within the mentioned Mouza under the jurisdiction of the concerned Sub-Registry Office, as described in the registered mortgage deed. All that piece and parcel of land measuring more or less together with structures thereon situated within the mentioned Mouza under the jurisdiction of the concerned Sub-Registry Office, as described in the registered mortgage deed. All that piece and parcel of land measuring more or less together with structures thereon situated within the mentioned Mouza under the jurisdiction of the concerned Sub-Registry Office, as described in the registered mortgage deed.
